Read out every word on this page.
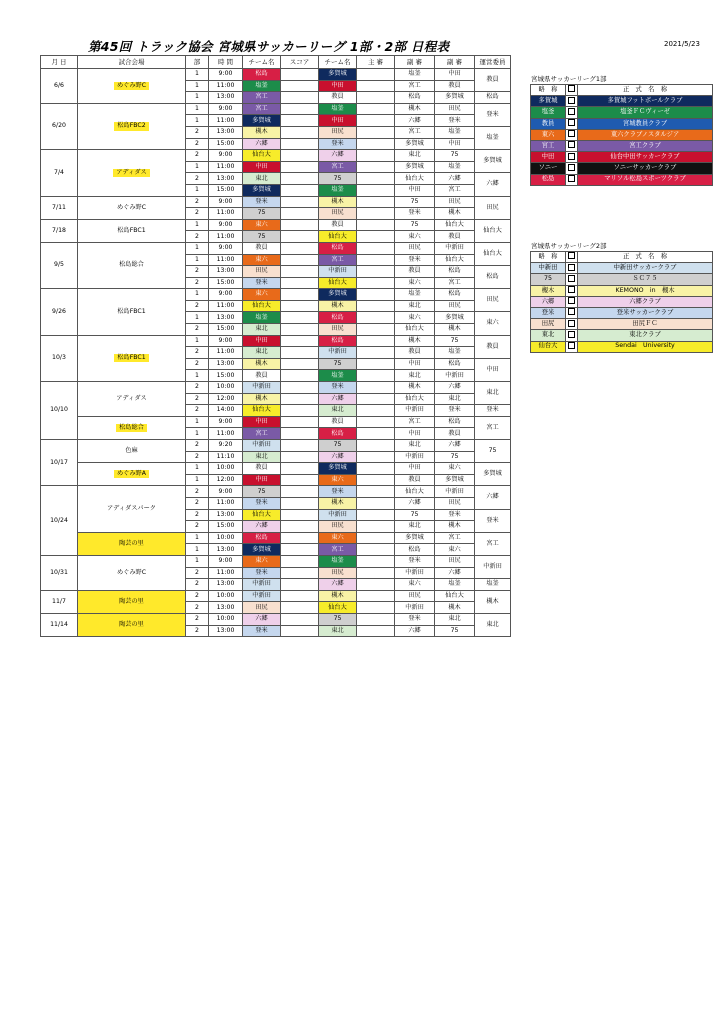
第45回 トラック協会 宮城県サッカーリーグ 1部・2部 日程表	2021/5/23
月 日	試合会場	部	時 間	チーム名	スコア	チーム名	主 審	副 審	副 審	運営委員
6/6	めぐみ野C	1	9:00	松島		多賀城		塩釜	中田	教員
		1	11:00	塩釜		中田		宮工	教員	
		1	13:00	宮工		教員		松島	多賀城	松島
6/20	松島FBC2	1	9:00	宮工		塩釜		槻木	田尻	登米
		1	11:00	多賀城		中田		六郷	登米	
		2	13:00	槻木		田尻		宮工	塩釜	塩釜
		2	15:00	六郷		登米		多賀城	中田	
7/4	アディダス	2	9:00	仙台大		六郷		東北	75	多賀城
		1	11:00	中田		宮工		多賀城	塩釜	
		2	13:00	東北		75		仙台大	六郷	六郷
		1	15:00	多賀城		塩釜		中田	宮工	
7/11	めぐみ野C	2	9:00	登米		槻木		75	田尻	田尻
		2	11:00	75		田尻		登米	槻木	
7/18	松島FBC1	1	9:00	東六		教員		75	仙台大	仙台大
		2	11:00	75		仙台大		東六	教員	
9/5	松島総合	1	9:00	教員		松島		田尻	中新田	仙台大
		1	11:00	東六		宮工		登米	仙台大	
		2	13:00	田尻		中新田		教員	松島	松島
		2	15:00	登米		仙台大		東六	宮工	
9/26	松島FBC1	1	9:00	東六		多賀城		塩釜	松島	田尻
		2	11:00	仙台大		槻木		東北	田尻	
		1	13:00	塩釜		松島		東六	多賀城	東六
		2	15:00	東北		田尻		仙台大	槻木	
10/3	松島FBC1	1	9:00	中田		松島		槻木	75	教員
		2	11:00	東北		中新田		教員	塩釜	
		2	13:00	槻木		75		中田	松島	中田
		1	15:00	教員		塩釜		東北	中新田	
10/10	アディダス	2	10:00	中新田		登米		槻木	六郷	東北
		2	12:00	槻木		六郷		仙台大	東北	
		2	14:00	仙台大		東北		中新田	登米	登米
	松島総合	1	9:00	中田		教員		宮工	松島	宮工
		1	11:00	宮工		松島		中田	教員	
10/17	色麻	2	9:20	中新田		75		東北	六郷	75
		2	11:10	東北		六郷		中新田	75	
	めぐみ野A	1	10:00	教員		多賀城		中田	東六	多賀城
		1	12:00	中田		東六		教員	多賀城	
10/24	アディダスパーク	2	9:00	75		登米		仙台大	中新田	六郷
		2	11:00	登米		槻木		六郷	田尻	
		2	13:00	仙台大		中新田		75	登米	登米
		2	15:00	六郷		田尻		東北	槻木	
	陶芸の里	1	10:00	松島		東六		多賀城	宮工	宮工
		1	13:00	多賀城		宮工		松島	東六	
10/31	めぐみ野C	1	9:00	東六		塩釜		登米	田尻	中新田
		2	11:00	登米		田尻		中新田	六郷	
		2	13:00	中新田		六郷		東六	塩釜	塩釜
11/7	陶芸の里	2	10:00	中新田		槻木		田尻	仙台大	槻木
		2	13:00	田尻		仙台大		中新田	槻木	
11/14	陶芸の里	2	10:00	六郷		75		登米	東北	東北
		2	13:00	登米		東北		六郷	75	
宮城県サッカーリーグ1部
略　称		正　式　名　称
多賀城		多賀城フットボールクラブ
塩釜		塩釜ＦＣヴィーゼ
教員		宮城教員クラブ
東六		東六クラブノスタルジア
宮工		宮工クラブ
中田		仙台中田サッカークラブ
ソニー		ソニーサッカークラブ
松島		マリソル松島スポーツクラブ
宮城県サッカーリーグ2部
略　称		正　式　名　称
中新田		中新田サッカークラブ
75		ＳＣ７５
槻木		KEMONO　in　槻木
六郷		六郷クラブ
登米		登米サッカークラブ
田尻		田尻ＦＣ
東北		東北クラブ
仙台大		Sendai　University
